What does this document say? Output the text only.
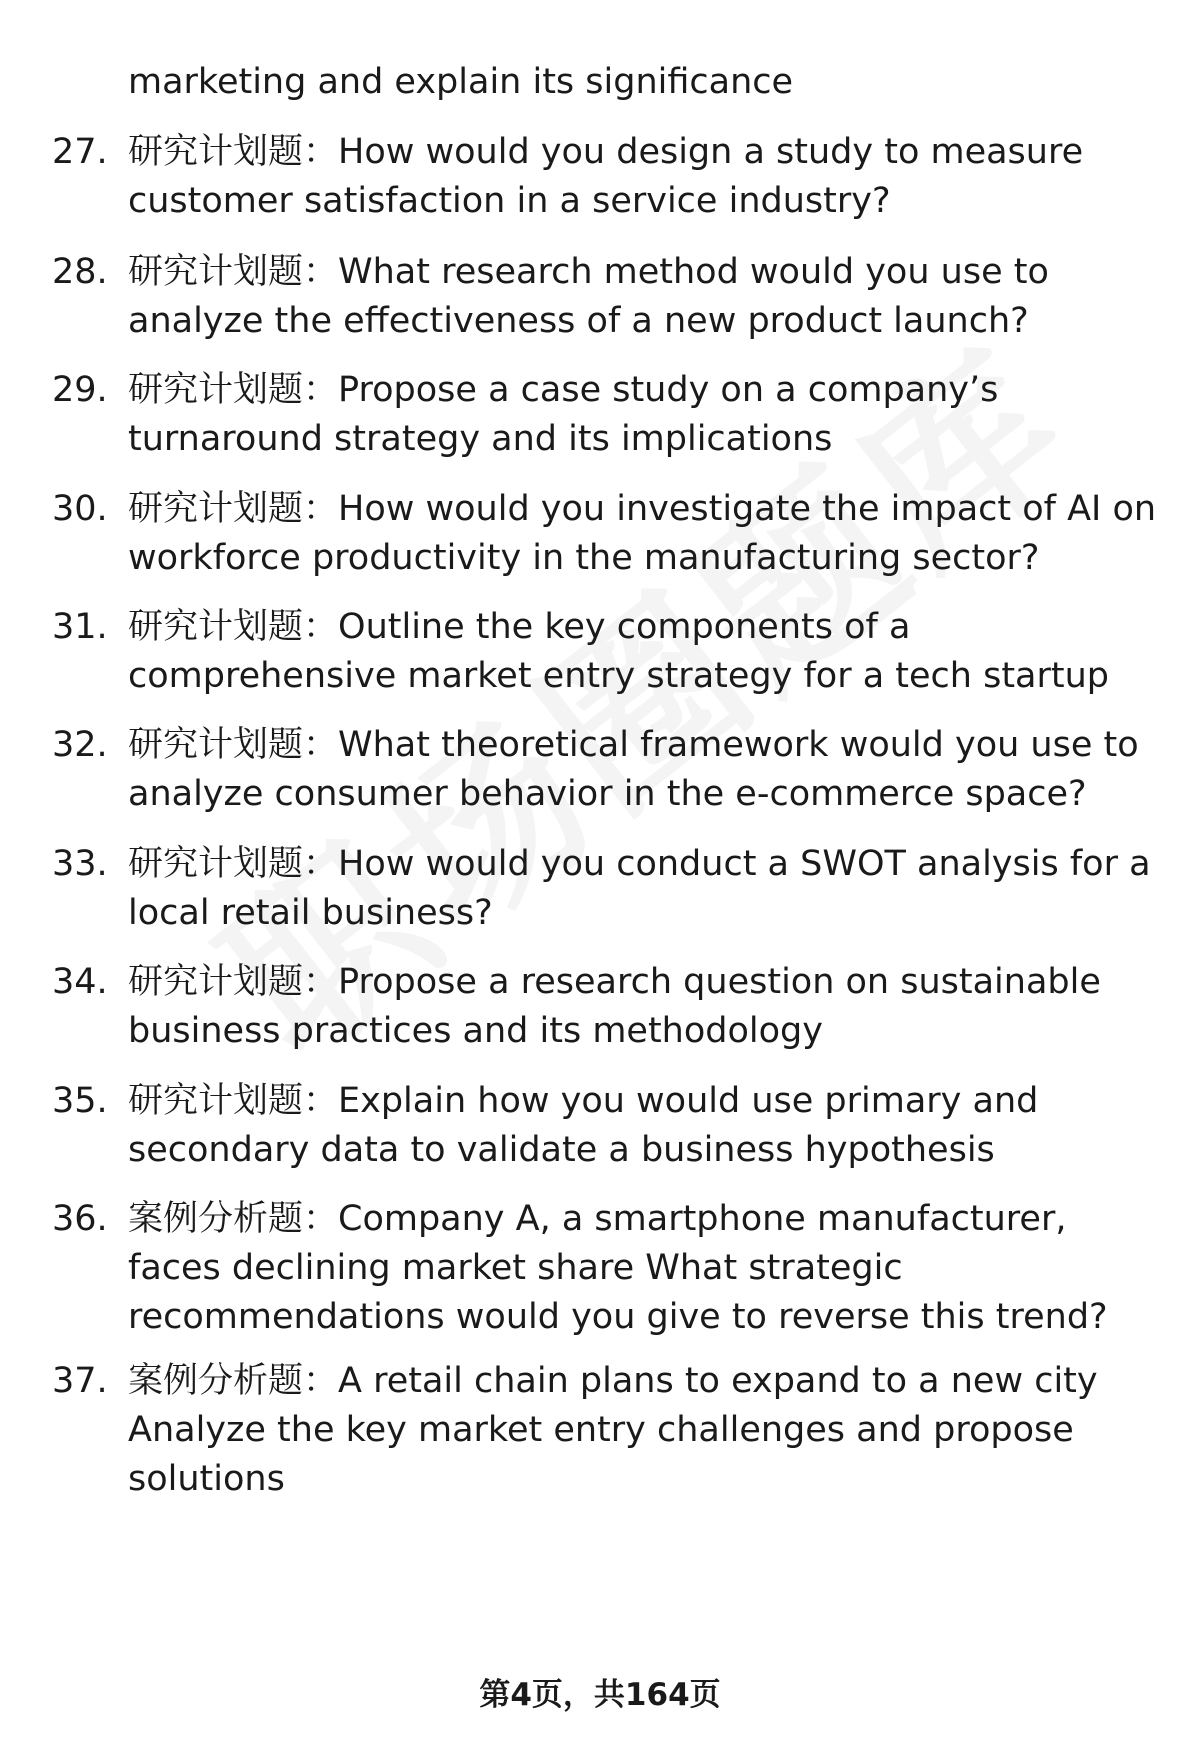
marketing and explain its significance
27. 研究计划题：How would you design a study to measure customer satisfaction in a service industry?
28. 研究计划题：What research method would you use to analyze the effectiveness of a new product launch?
29. 研究计划题：Propose a case study on a company’s turnaround strategy and its implications
30. 研究计划题：How would you investigate the impact of AI on workforce productivity in the manufacturing sector?
31. 研究计划题：Outline the key components of a comprehensive market entry strategy for a tech startup
32. 研究计划题：What theoretical framework would you use to analyze consumer behavior in the e-commerce space?
33. 研究计划题：How would you conduct a SWOT analysis for a local retail business?
34. 研究计划题：Propose a research question on sustainable business practices and its methodology
35. 研究计划题：Explain how you would use primary and secondary data to validate a business hypothesis
36. 案例分析题：Company A, a smartphone manufacturer, faces declining market share What strategic recommendations would you give to reverse this trend?
37. 案例分析题：A retail chain plans to expand to a new city Analyze the key market entry challenges and propose solutions
第4页，共164页
